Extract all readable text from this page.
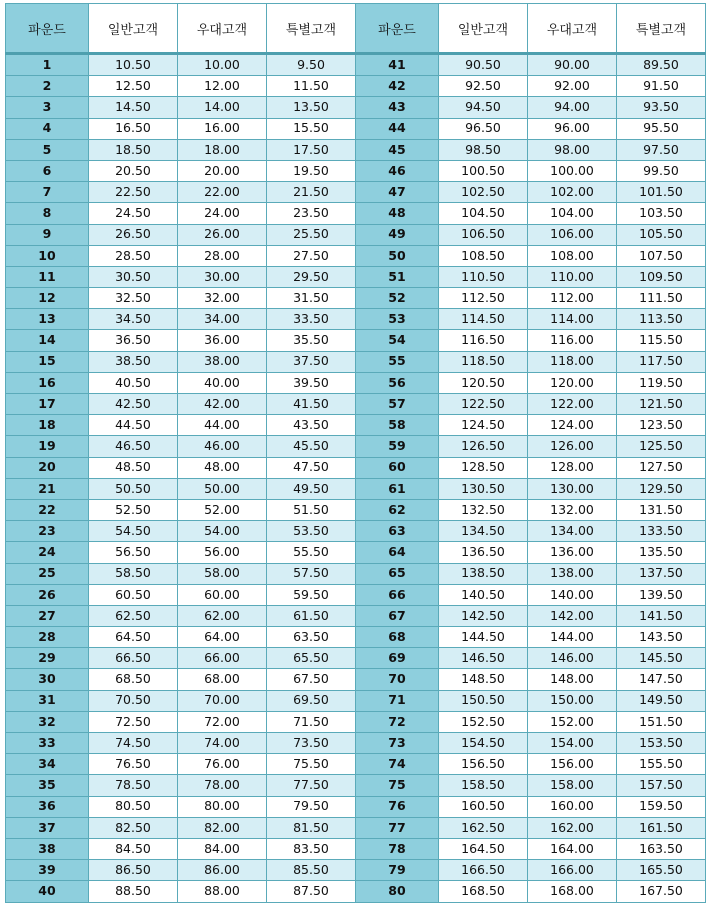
파운드	일반고객	우대고객	특별고객	파운드	일반고객	우대고객	특별고객
1	10.50	10.00	9.50	41	90.50	90.00	89.50
2	12.50	12.00	11.50	42	92.50	92.00	91.50
3	14.50	14.00	13.50	43	94.50	94.00	93.50
4	16.50	16.00	15.50	44	96.50	96.00	95.50
5	18.50	18.00	17.50	45	98.50	98.00	97.50
6	20.50	20.00	19.50	46	100.50	100.00	99.50
7	22.50	22.00	21.50	47	102.50	102.00	101.50
8	24.50	24.00	23.50	48	104.50	104.00	103.50
9	26.50	26.00	25.50	49	106.50	106.00	105.50
10	28.50	28.00	27.50	50	108.50	108.00	107.50
11	30.50	30.00	29.50	51	110.50	110.00	109.50
12	32.50	32.00	31.50	52	112.50	112.00	111.50
13	34.50	34.00	33.50	53	114.50	114.00	113.50
14	36.50	36.00	35.50	54	116.50	116.00	115.50
15	38.50	38.00	37.50	55	118.50	118.00	117.50
16	40.50	40.00	39.50	56	120.50	120.00	119.50
17	42.50	42.00	41.50	57	122.50	122.00	121.50
18	44.50	44.00	43.50	58	124.50	124.00	123.50
19	46.50	46.00	45.50	59	126.50	126.00	125.50
20	48.50	48.00	47.50	60	128.50	128.00	127.50
21	50.50	50.00	49.50	61	130.50	130.00	129.50
22	52.50	52.00	51.50	62	132.50	132.00	131.50
23	54.50	54.00	53.50	63	134.50	134.00	133.50
24	56.50	56.00	55.50	64	136.50	136.00	135.50
25	58.50	58.00	57.50	65	138.50	138.00	137.50
26	60.50	60.00	59.50	66	140.50	140.00	139.50
27	62.50	62.00	61.50	67	142.50	142.00	141.50
28	64.50	64.00	63.50	68	144.50	144.00	143.50
29	66.50	66.00	65.50	69	146.50	146.00	145.50
30	68.50	68.00	67.50	70	148.50	148.00	147.50
31	70.50	70.00	69.50	71	150.50	150.00	149.50
32	72.50	72.00	71.50	72	152.50	152.00	151.50
33	74.50	74.00	73.50	73	154.50	154.00	153.50
34	76.50	76.00	75.50	74	156.50	156.00	155.50
35	78.50	78.00	77.50	75	158.50	158.00	157.50
36	80.50	80.00	79.50	76	160.50	160.00	159.50
37	82.50	82.00	81.50	77	162.50	162.00	161.50
38	84.50	84.00	83.50	78	164.50	164.00	163.50
39	86.50	86.00	85.50	79	166.50	166.00	165.50
40	88.50	88.00	87.50	80	168.50	168.00	167.50
